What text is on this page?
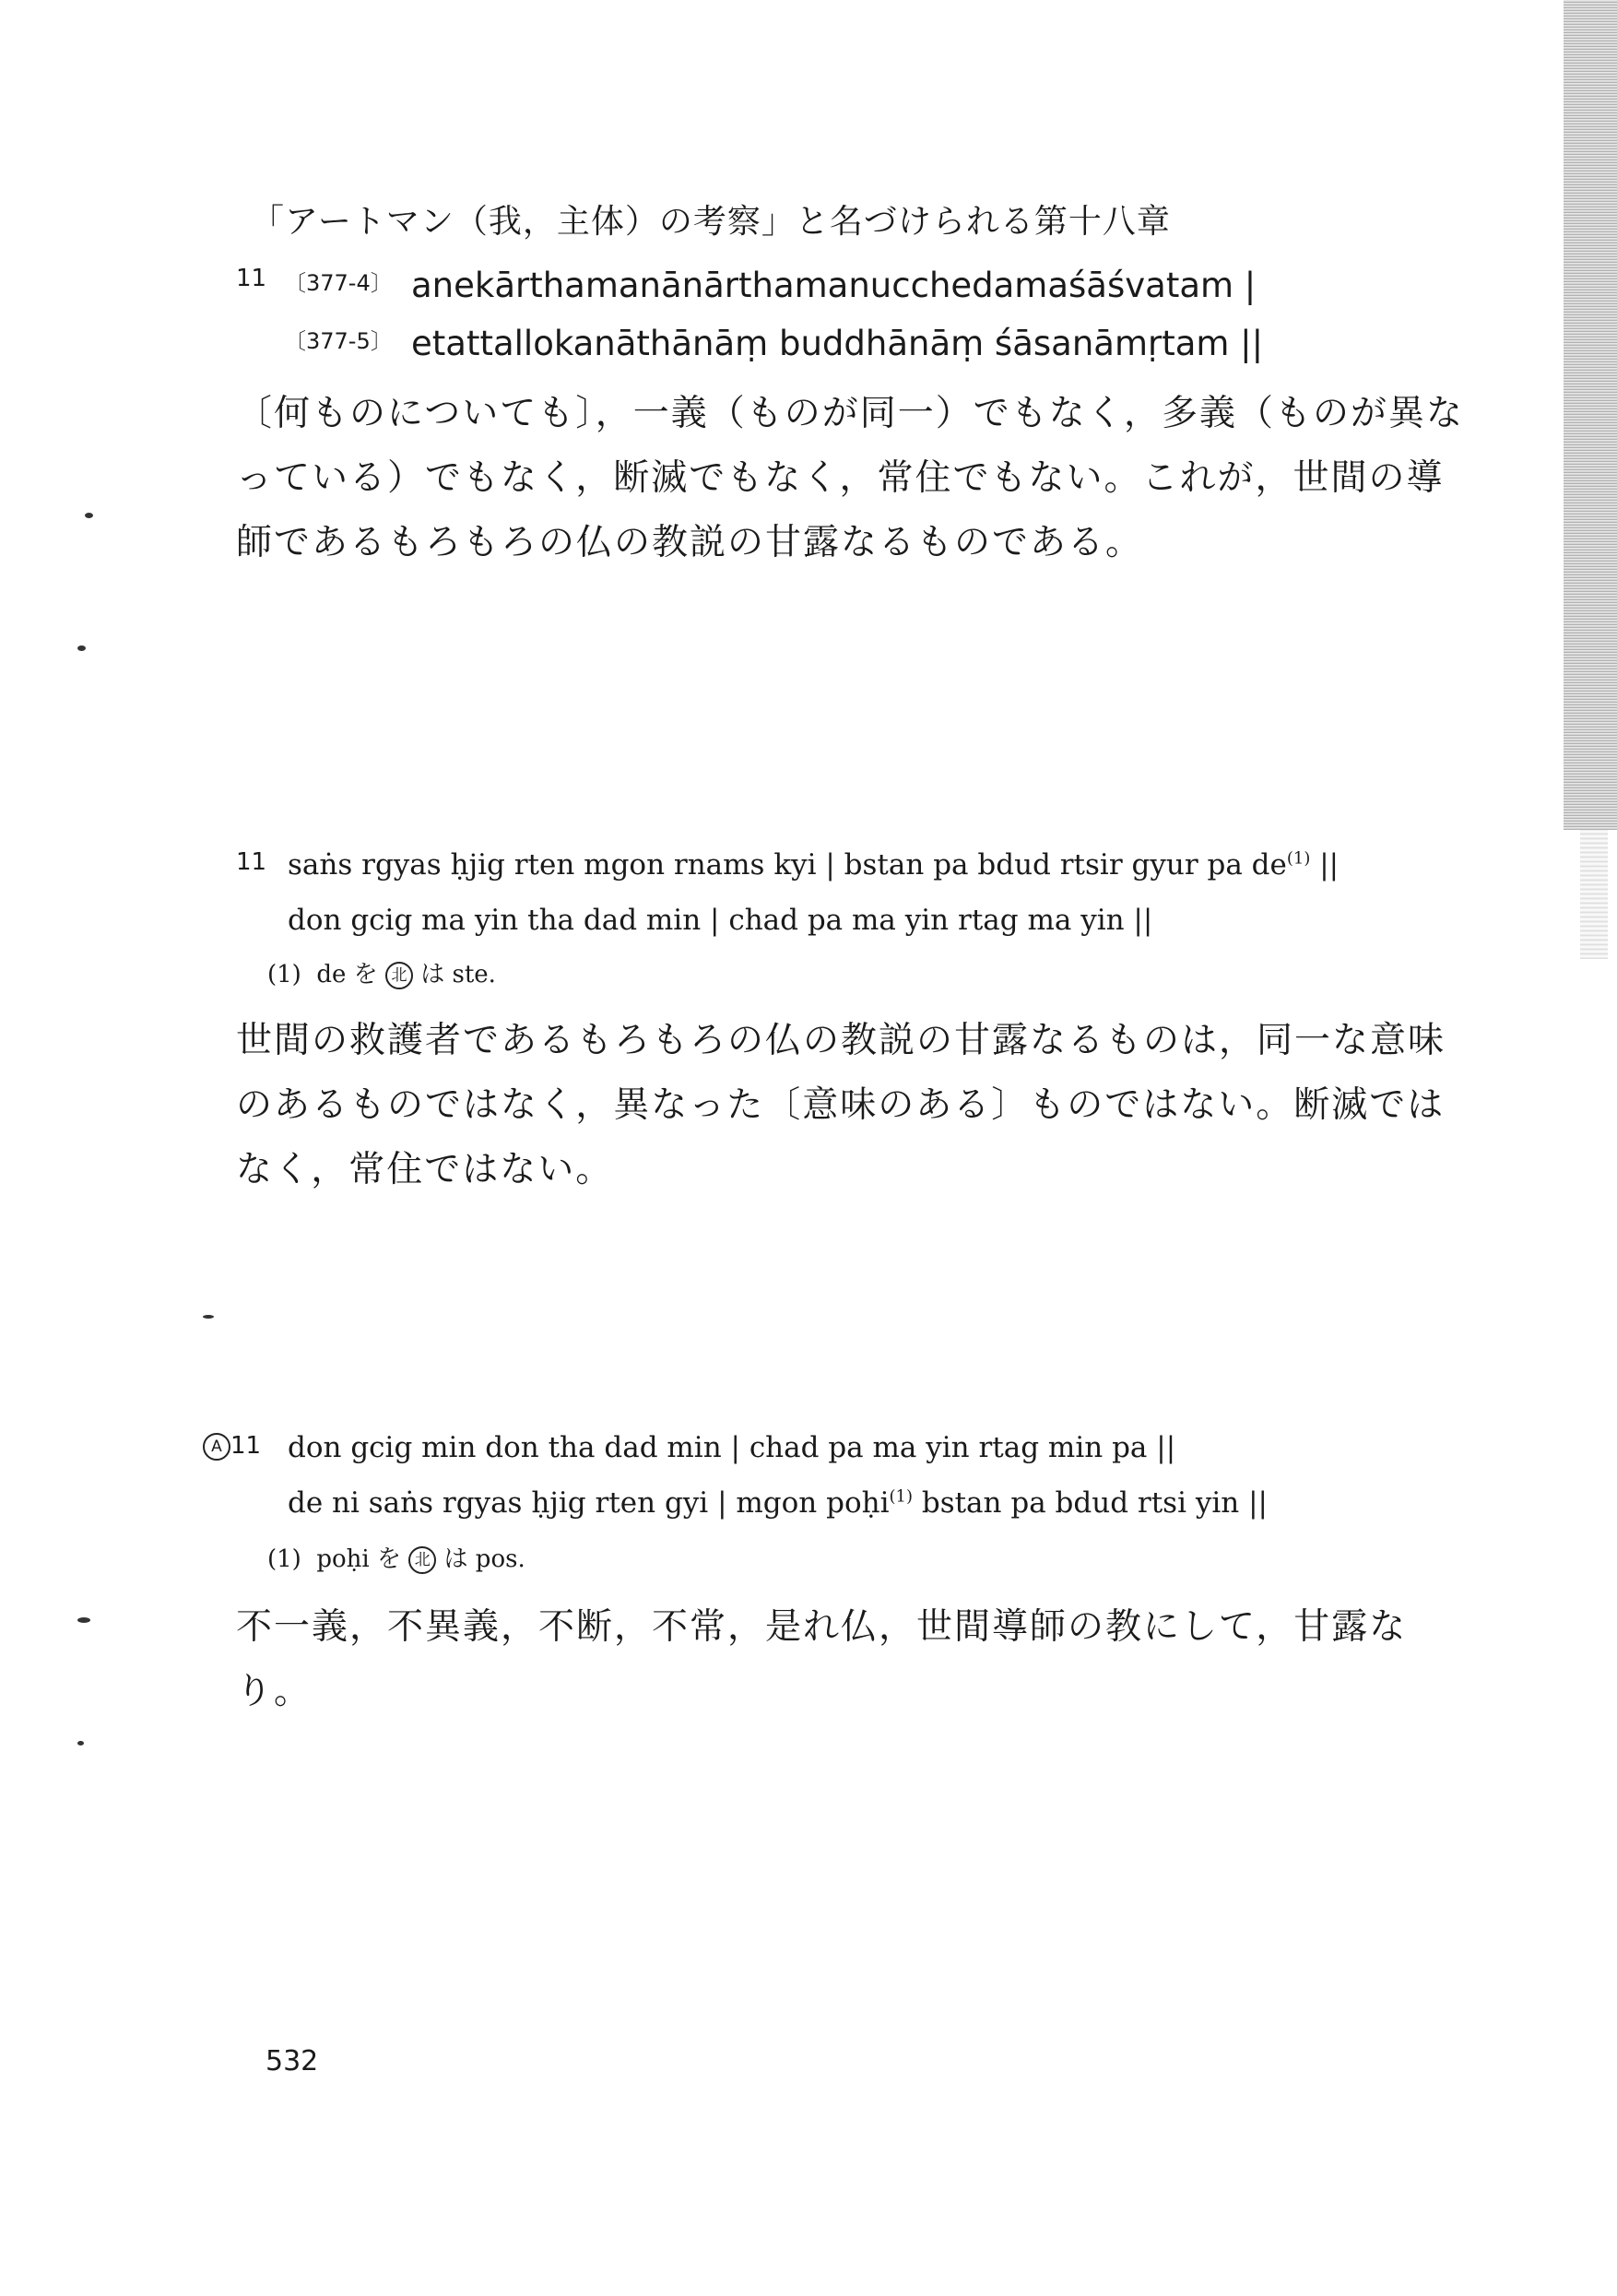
「アートマン（我，主体）の考察」と名づけられる第十八章
11 〔377-4〕 anekārthamanānārthamanucchedamaśāśvatam |
〔377-5〕 etattallokanāthānāṃ buddhānāṃ śāsanāmṛtam ||
〔何ものについても〕，一義（ものが同一）でもなく，多義（ものが異なっている）でもなく，断滅でもなく，常住でもない。これが，世間の導師であるもろもろの仏の教説の甘露なるものである。
11 saṅs rgyas ḥjig rten mgon rnams kyi | bstan pa bdud rtsir gyur pa $de^{(1)}$ ||
don gcig ma yin tha dad min | chad pa ma yin rtag ma yin ||
(1) de を 北 は ste.
世間の救護者であるもろもろの仏の教説の甘露なるものは，同一な意味のあるものではなく，異なった〔意味のある〕ものではない。断滅ではなく，常住ではない。
A 11 don gcig min don tha dad min | chad pa ma yin rtag min pa ||
de ni saṅs rgyas ḥjig rten gyi | mgon poḥi$^{(1)}$ bstan pa bdud rtsi yin ||
(1) poḥi を 北 は pos.
不一義，不異義，不断，不常，是れ仏，世間導師の教にして，甘露なり。
532
